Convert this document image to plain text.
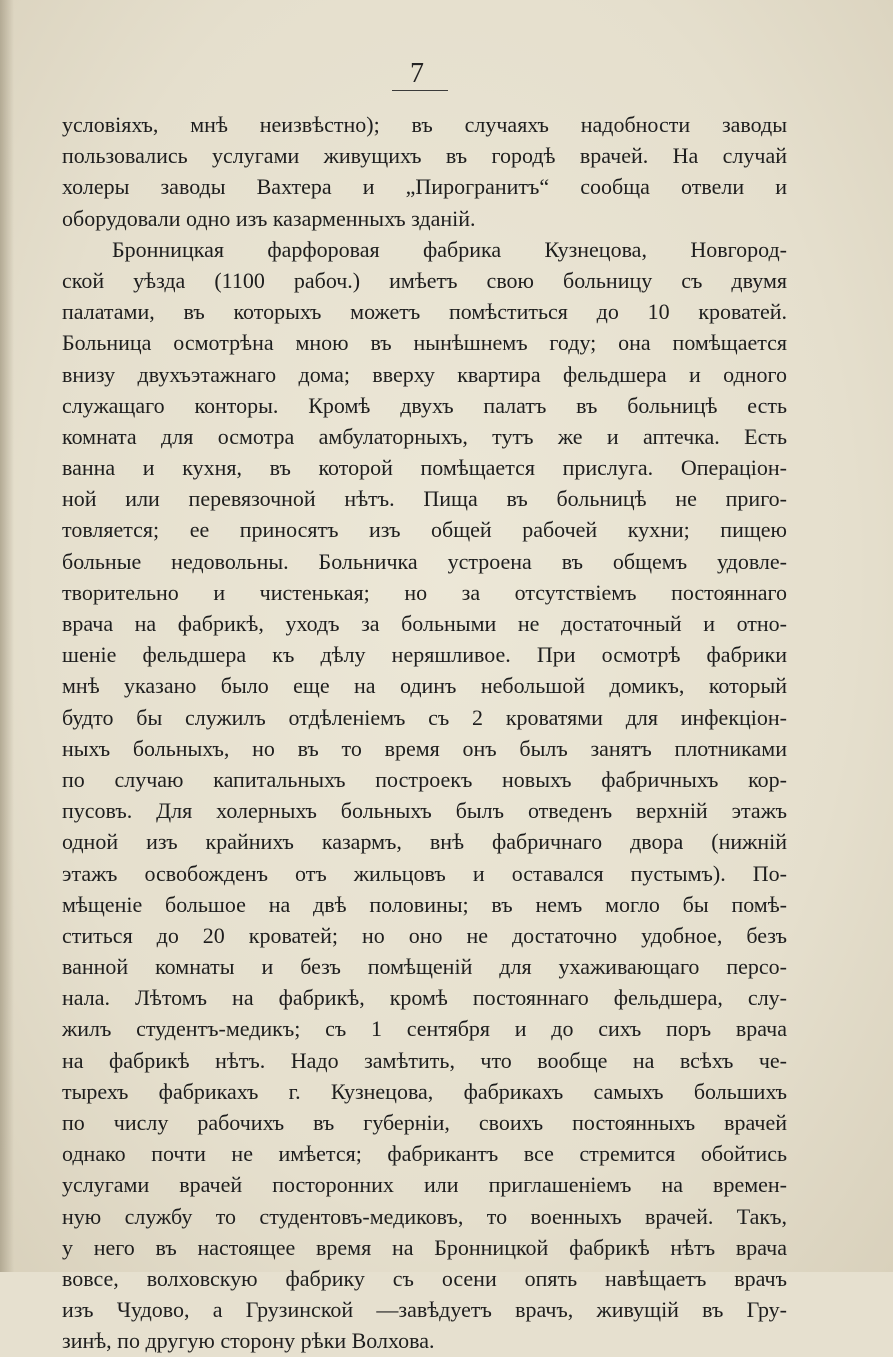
7
условіяхъ, мнѣ неизвѣстно); въ случаяхъ надобности заводы
пользовались услугами живущихъ въ городѣ врачей. На случай
холеры заводы Вахтера и „Пирогранитъ“ сообща отвели и
оборудовали одно изъ казарменныхъ зданій.
Бронницкая фарфоровая фабрика Кузнецова, Новгород-
ской уѣзда (1100 рабоч.) имѣетъ свою больницу съ двумя
палатами, въ которыхъ можетъ помѣститься до 10 кроватей.
Больница осмотрѣна мною въ нынѣшнемъ году; она помѣщается
внизу двухъэтажнаго дома; вверху квартира фельдшера и одного
служащаго конторы. Кромѣ двухъ палатъ въ больницѣ есть
комната для осмотра амбулаторныхъ, тутъ же и аптечка. Есть
ванна и кухня, въ которой помѣщается прислуга. Операціон-
ной или перевязочной нѣтъ. Пища въ больницѣ не приго-
товляется; ее приносятъ изъ общей рабочей кухни; пищею
больные недовольны. Больничка устроена въ общемъ удовле-
творительно и чистенькая; но за отсутствіемъ постояннаго
врача на фабрикѣ, уходъ за больными не достаточный и отно-
шеніе фельдшера къ дѣлу неряшливое. При осмотрѣ фабрики
мнѣ указано было еще на одинъ небольшой домикъ, который
будто бы служилъ отдѣленіемъ съ 2 кроватями для инфекціон-
ныхъ больныхъ, но въ то время онъ былъ занятъ плотниками
по случаю капитальныхъ построекъ новыхъ фабричныхъ кор-
пусовъ. Для холерныхъ больныхъ былъ отведенъ верхній этажъ
одной изъ крайнихъ казармъ, внѣ фабричнаго двора (нижній
этажъ освобожденъ отъ жильцовъ и оставался пустымъ). По-
мѣщеніе большое на двѣ половины; въ немъ могло бы помѣ-
ститься до 20 кроватей; но оно не достаточно удобное, безъ
ванной комнаты и безъ помѣщеній для ухаживающаго персо-
нала. Лѣтомъ на фабрикѣ, кромѣ постояннаго фельдшера, слу-
жилъ студентъ-медикъ; съ 1 сентября и до сихъ поръ врача
на фабрикѣ нѣтъ. Надо замѣтить, что вообще на всѣхъ че-
тырехъ фабрикахъ г. Кузнецова, фабрикахъ самыхъ большихъ
по числу рабочихъ въ губерніи, своихъ постоянныхъ врачей
однако почти не имѣется; фабрикантъ все стремится обойтись
услугами врачей посторонних или приглашеніемъ на времен-
ную службу то студентовъ-медиковъ, то военныхъ врачей. Такъ,
у него въ настоящее время на Бронницкой фабрикѣ нѣтъ врача
вовсе, волховскую фабрику съ осени опять навѣщаетъ врачъ
изъ Чудово, а Грузинской —завѣдуетъ врачъ, живущій въ Гру-
зинѣ, по другую сторону рѣки Волхова.
